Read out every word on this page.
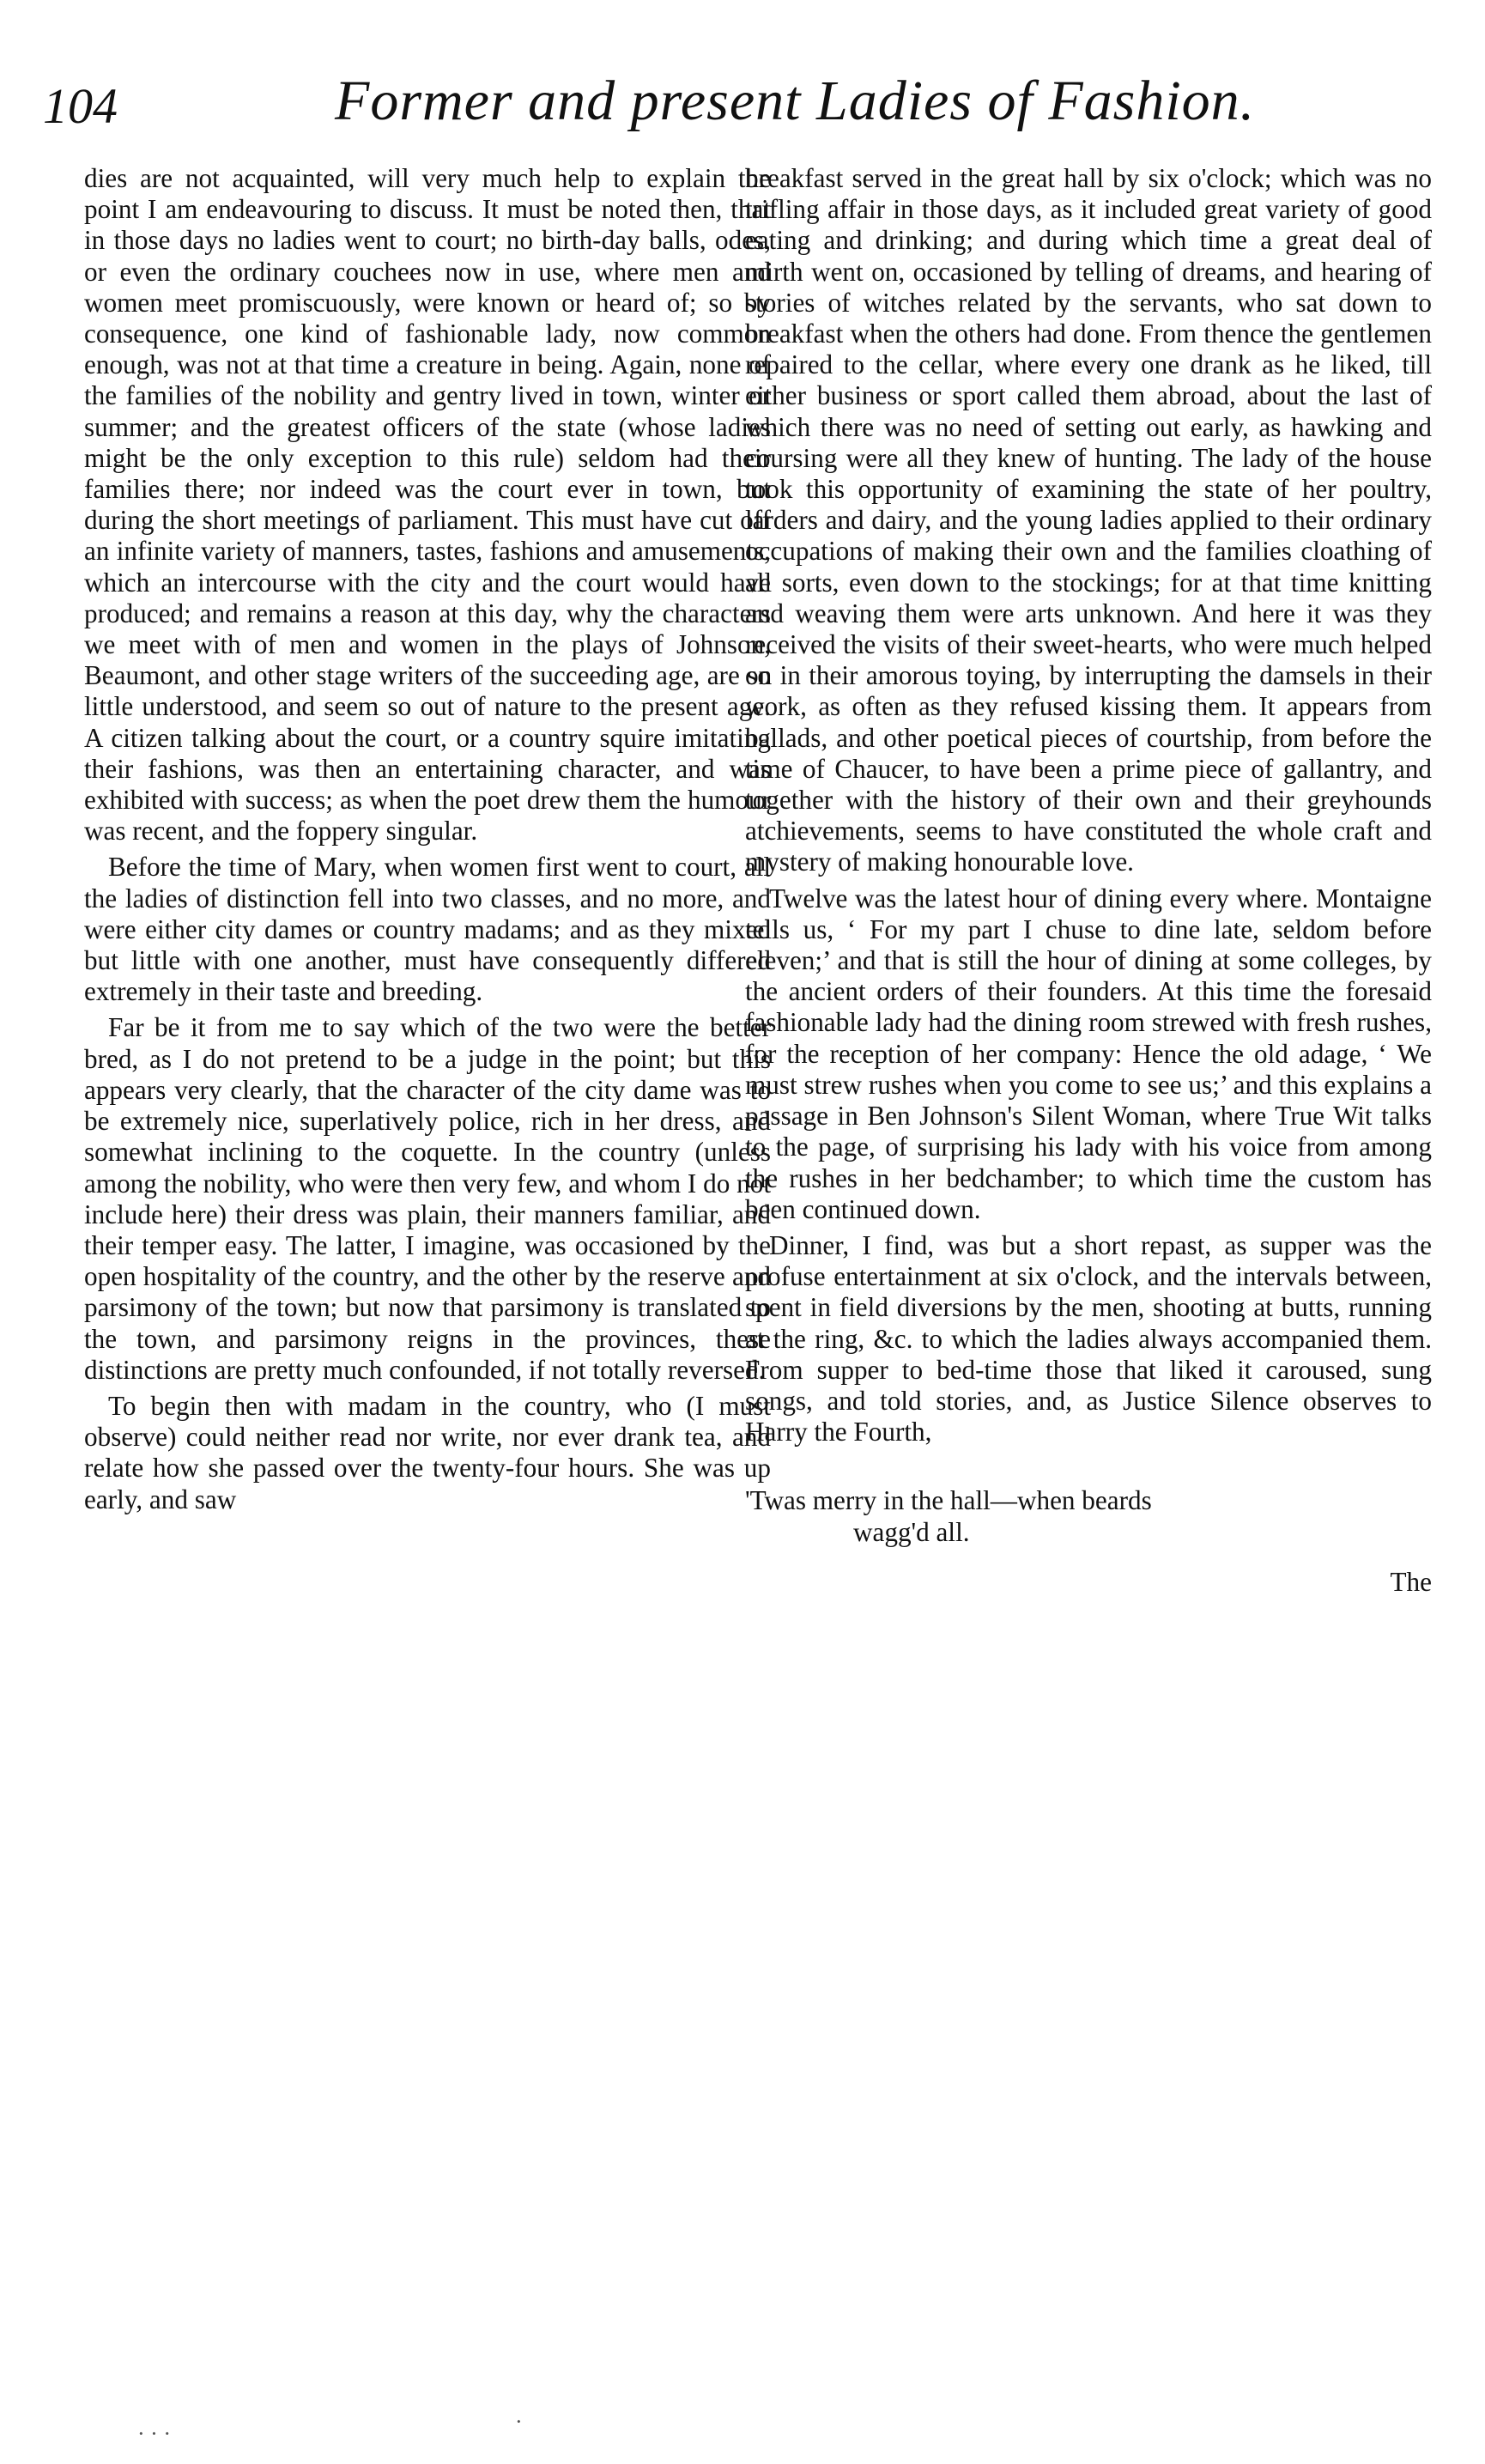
104	Former and present Ladies of Fashion.

dies are not acquainted, will very much help to explain the point I am endeavouring to discuss. It must be noted then, that in those days no ladies went to court; no birth-day balls, odes, or even the ordinary couchees now in use, where men and women meet promiscuously, were known or heard of; so by consequence, one kind of fashionable lady, now common enough, was not at that time a creature in being. Again, none of the families of the nobility and gentry lived in town, winter or summer; and the greatest officers of the state (whose ladies might be the only exception to this rule) seldom had their families there; nor indeed was the court ever in town, but during the short meetings of parliament. This must have cut off an infinite variety of manners, tastes, fashions and amusements, which an intercourse with the city and the court would have produced; and remains a reason at this day, why the characters we meet with of men and women in the plays of Johnson, Beaumont, and other stage writers of the succeeding age, are so little understood, and seem so out of nature to the present age. A citizen talking about the court, or a country squire imitating their fashions, was then an entertaining character, and was exhibited with success; as when the poet drew them the humour was recent, and the foppery singular.

Before the time of Mary, when women first went to court, all the ladies of distinction fell into two classes, and no more, and were either city dames or country madams; and as they mixed but little with one another, must have consequently differed extremely in their taste and breeding.

Far be it from me to say which of the two were the better bred, as I do not pretend to be a judge in the point; but this appears very clearly, that the character of the city dame was to be extremely nice, superlatively police, rich in her dress, and somewhat inclining to the coquette. In the country (unless among the nobility, who were then very few, and whom I do not include here) their dress was plain, their manners familiar, and their temper easy. The latter, I imagine, was occasioned by the open hospitality of the country, and the other by the reserve and parsimony of the town; but now that parsimony is translated to the town, and parsimony reigns in the provinces, these distinctions are pretty much confounded, if not totally reversed.

To begin then with madam in the country, who (I must observe) could neither read nor write, nor ever drank tea, and relate how she passed over the twenty-four hours. She was up early, and saw

breakfast served in the great hall by six o'clock; which was no trifling affair in those days, as it included great variety of good eating and drinking; and during which time a great deal of mirth went on, occasioned by telling of dreams, and hearing of stories of witches related by the servants, who sat down to breakfast when the others had done. From thence the gentlemen repaired to the cellar, where every one drank as he liked, till either business or sport called them abroad, about the last of which there was no need of setting out early, as hawking and coursing were all they knew of hunting. The lady of the house took this opportunity of examining the state of her poultry, larders and dairy, and the young ladies applied to their ordinary occupations of making their own and the families cloathing of all sorts, even down to the stockings; for at that time knitting and weaving them were arts unknown. And here it was they received the visits of their sweet-hearts, who were much helped on in their amorous toying, by interrupting the damsels in their work, as often as they refused kissing them. It appears from ballads, and other poetical pieces of courtship, from before the time of Chaucer, to have been a prime piece of gallantry, and together with the history of their own and their greyhounds atchievements, seems to have constituted the whole craft and mystery of making honourable love.

Twelve was the latest hour of dining every where. Montaigne tells us, ‘ For my part I chuse to dine late, seldom before eleven;’ and that is still the hour of dining at some colleges, by the ancient orders of their founders. At this time the foresaid fashionable lady had the dining room strewed with fresh rushes, for the reception of her company: Hence the old adage, ‘ We must strew rushes when you come to see us;’ and this explains a passage in Ben Johnson's Silent Woman, where True Wit talks to the page, of surprising his lady with his voice from among the rushes in her bedchamber; to which time the custom has been continued down.

Dinner, I find, was but a short repast, as supper was the profuse entertainment at six o'clock, and the intervals between, spent in field diversions by the men, shooting at butts, running at the ring, &c. to which the ladies always accompanied them. From supper to bed-time those that liked it caroused, sung songs, and told stories, and, as Justice Silence observes to Harry the Fourth,

'Twas merry in the hall—when beards
wagg'd all.

The
· · ·	·
